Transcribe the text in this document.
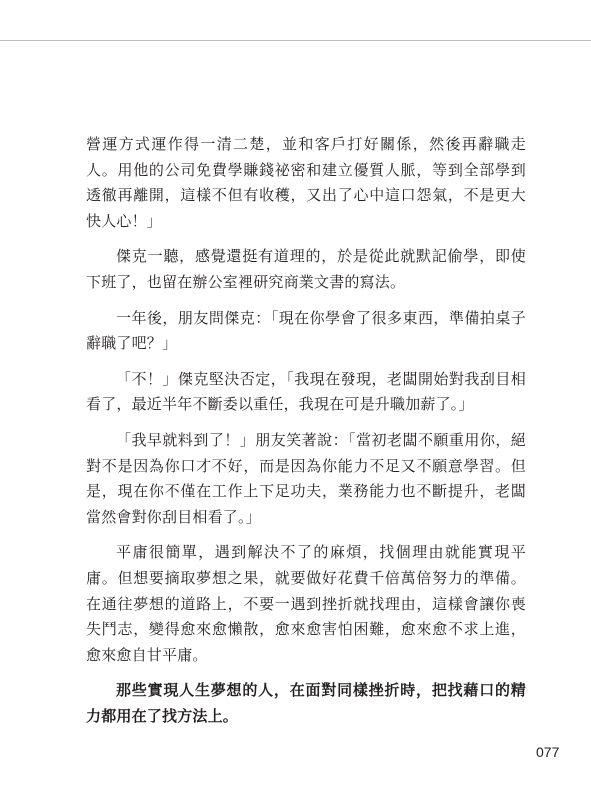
營運方式運作得一清二楚，並和客戶打好關係，然後再辭職走人。用他的公司免費學賺錢祕密和建立優質人脈，等到全部學到透徹再離開，這樣不但有收穫，又出了心中這口怨氣，不是更大快人心！」

傑克一聽，感覺還挺有道理的，於是從此就默記偷學，即使下班了，也留在辦公室裡研究商業文書的寫法。

一年後，朋友問傑克：「現在你學會了很多東西，準備拍桌子辭職了吧？」

「不！」傑克堅決否定，「我現在發現，老闆開始對我刮目相看了，最近半年不斷委以重任，我現在可是升職加薪了。」

「我早就料到了！」朋友笑著說：「當初老闆不願重用你，絕對不是因為你口才不好，而是因為你能力不足又不願意學習。但是，現在你不僅在工作上下足功夫，業務能力也不斷提升，老闆當然會對你刮目相看了。」

平庸很簡單，遇到解決不了的麻煩，找個理由就能實現平庸。但想要摘取夢想之果，就要做好花費千倍萬倍努力的準備。在通往夢想的道路上，不要一遇到挫折就找理由，這樣會讓你喪失鬥志，變得愈來愈懶散，愈來愈害怕困難，愈來愈不求上進，愈來愈自甘平庸。

那些實現人生夢想的人，在面對同樣挫折時，把找藉口的精力都用在了找方法上。

077
